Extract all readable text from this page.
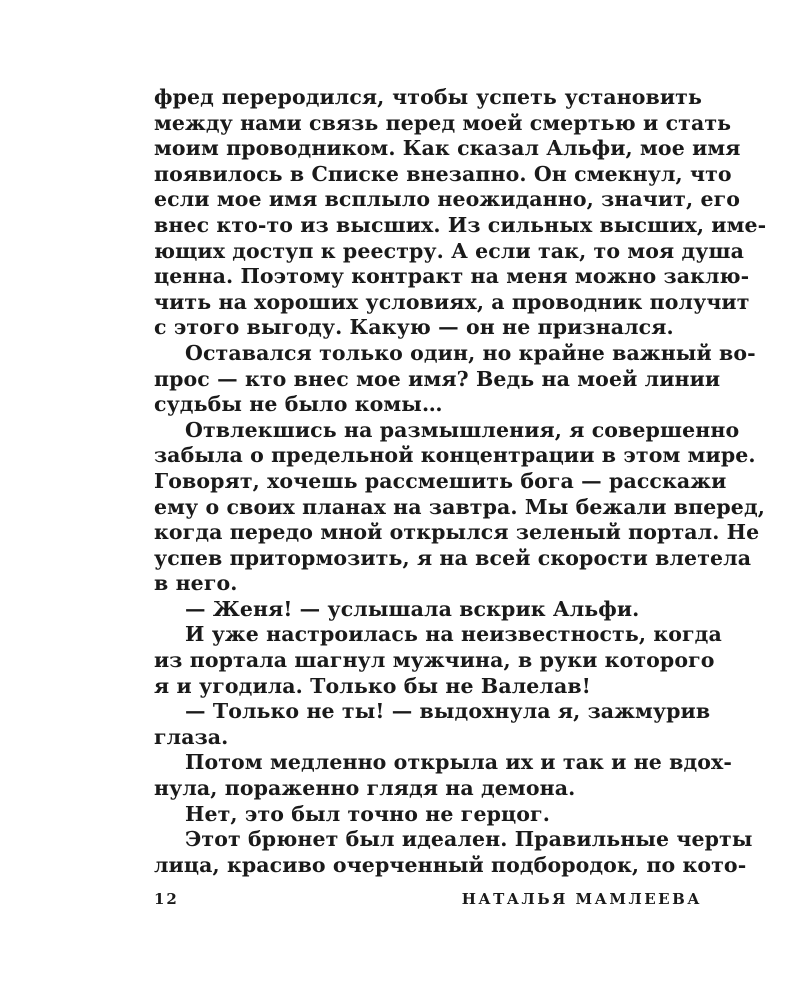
фред переродился, чтобы успеть установить
между нами связь перед моей смертью и стать
моим проводником. Как сказал Альфи, мое имя
появилось в Списке внезапно. Он смекнул, что
если мое имя всплыло неожиданно, значит, его
внес кто-то из высших. Из сильных высших, име-
ющих доступ к реестру. А если так, то моя душа
ценна. Поэтому контракт на меня можно заклю-
чить на хороших условиях, а проводник получит
с этого выгоду. Какую — он не признался.
Оставался только один, но крайне важный во-
прос — кто внес мое имя? Ведь на моей линии
судьбы не было комы…
Отвлекшись на размышления, я совершенно
забыла о предельной концентрации в этом мире.
Говорят, хочешь рассмешить бога — расскажи
ему о своих планах на завтра. Мы бежали вперед,
когда передо мной открылся зеленый портал. Не
успев притормозить, я на всей скорости влетела
в него.
— Женя! — услышала вскрик Альфи.
И уже настроилась на неизвестность, когда
из портала шагнул мужчина, в руки которого
я и угодила. Только бы не Валелав!
— Только не ты! — выдохнула я, зажмурив
глаза.
Потом медленно открыла их и так и не вдох-
нула, пораженно глядя на демона.
Нет, это был точно не герцог.
Этот брюнет был идеален. Правильные черты
лица, красиво очерченный подбородок, по кото-
12	НАТАЛЬЯ МАМЛЕЕВА
